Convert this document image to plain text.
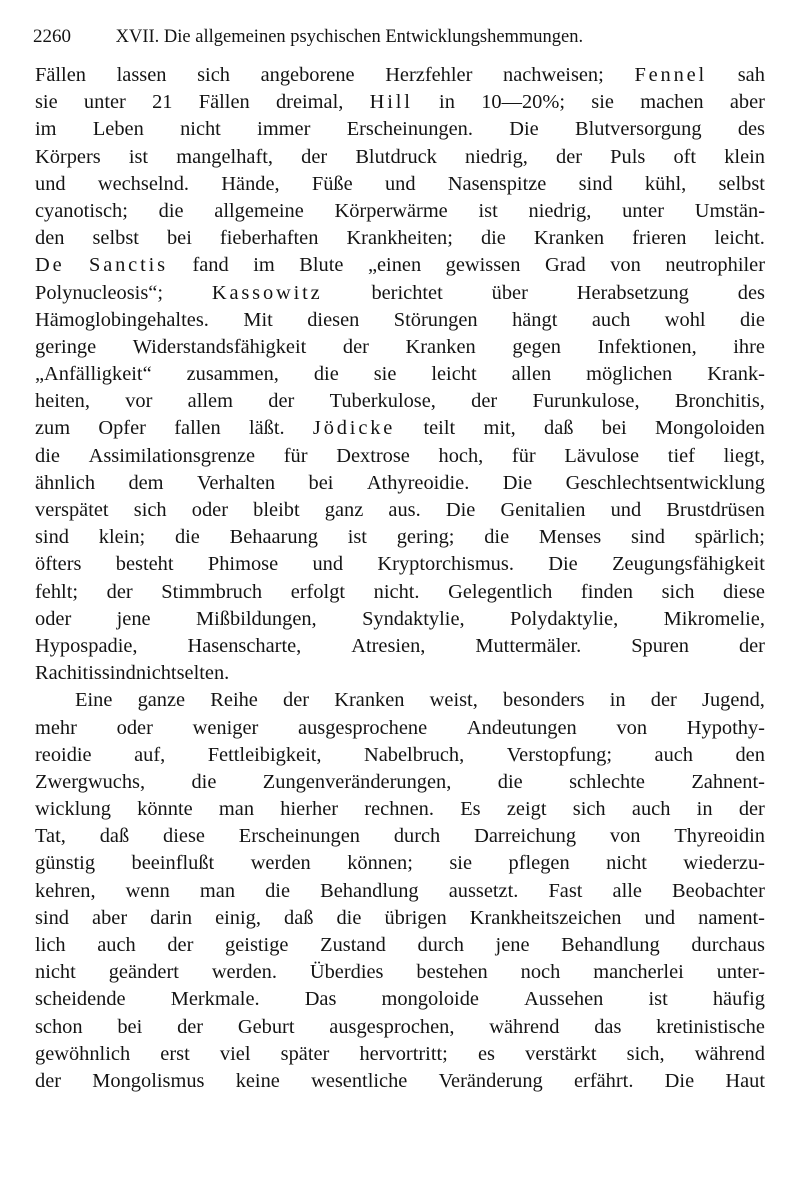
2260 XVII. Die allgemeinen psychischen Entwicklungshemmungen.
Fällen lassen sich angeborene Herzfehler nachweisen; Fennel sah
sie unter 21 Fällen dreimal, Hill in 10—20%; sie machen aber
im Leben nicht immer Erscheinungen. Die Blutversorgung des
Körpers ist mangelhaft, der Blutdruck niedrig, der Puls oft klein
und wechselnd. Hände, Füße und Nasenspitze sind kühl, selbst
cyanotisch; die allgemeine Körperwärme ist niedrig, unter Umstän-
den selbst bei fieberhaften Krankheiten; die Kranken frieren leicht.
De Sanctis fand im Blute „einen gewissen Grad von neutrophiler
Polynucleosis“; Kassowitz berichtet über Herabsetzung des
Hämoglobingehaltes. Mit diesen Störungen hängt auch wohl die
geringe Widerstandsfähigkeit der Kranken gegen Infektionen, ihre
„Anfälligkeit“ zusammen, die sie leicht allen möglichen Krank-
heiten, vor allem der Tuberkulose, der Furunkulose, Bronchitis,
zum Opfer fallen läßt. Jödicke teilt mit, daß bei Mongoloiden
die Assimilationsgrenze für Dextrose hoch, für Lävulose tief liegt,
ähnlich dem Verhalten bei Athyreoidie. Die Geschlechtsentwicklung
verspätet sich oder bleibt ganz aus. Die Genitalien und Brustdrüsen
sind klein; die Behaarung ist gering; die Menses sind spärlich;
öfters besteht Phimose und Kryptorchismus. Die Zeugungsfähigkeit
fehlt; der Stimmbruch erfolgt nicht. Gelegentlich finden sich diese
oder jene Mißbildungen, Syndaktylie, Polydaktylie, Mikromelie,
Hypospadie, Hasenscharte, Atresien, Muttermäler. Spuren der
Rachitis sind nicht selten.
Eine ganze Reihe der Kranken weist, besonders in der Jugend,
mehr oder weniger ausgesprochene Andeutungen von Hypothy-
reoidie auf, Fettleibigkeit, Nabelbruch, Verstopfung; auch den
Zwergwuchs, die Zungenveränderungen, die schlechte Zahnent-
wicklung könnte man hierher rechnen. Es zeigt sich auch in der
Tat, daß diese Erscheinungen durch Darreichung von Thyreoidin
günstig beeinflußt werden können; sie pflegen nicht wiederzu-
kehren, wenn man die Behandlung aussetzt. Fast alle Beobachter
sind aber darin einig, daß die übrigen Krankheitszeichen und nament-
lich auch der geistige Zustand durch jene Behandlung durchaus
nicht geändert werden. Überdies bestehen noch mancherlei unter-
scheidende Merkmale. Das mongoloide Aussehen ist häufig
schon bei der Geburt ausgesprochen, während das kretinistische
gewöhnlich erst viel später hervortritt; es verstärkt sich, während
der Mongolismus keine wesentliche Veränderung erfährt. Die Haut
